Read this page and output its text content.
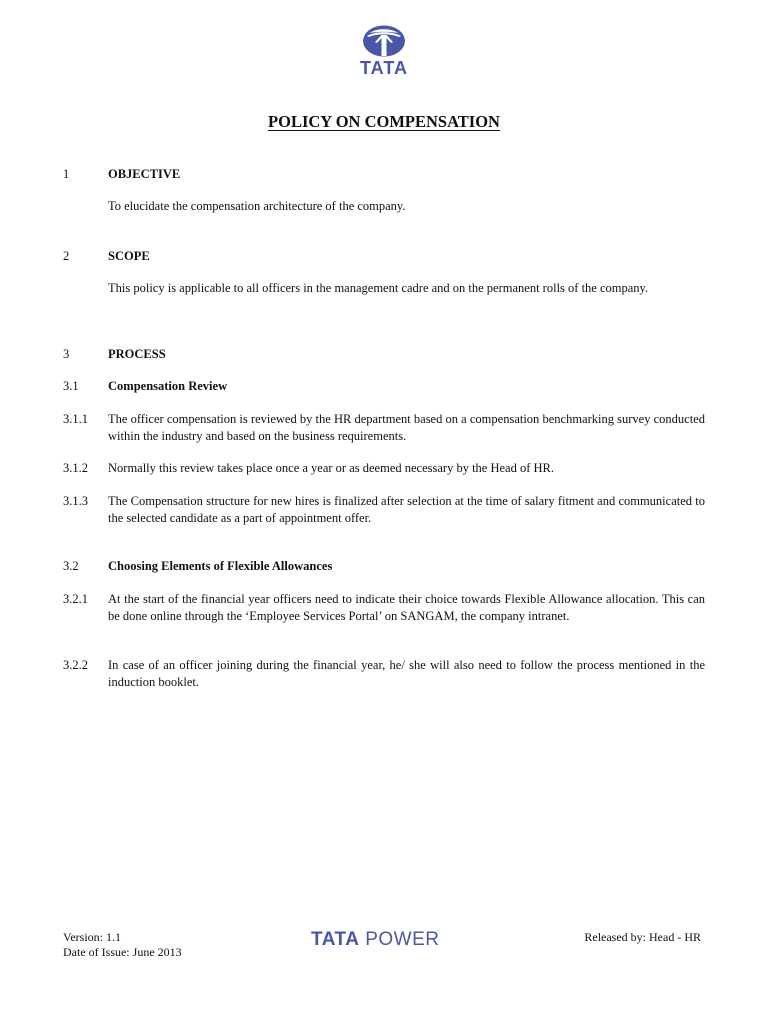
TATA
POLICY ON COMPENSATION
1	OBJECTIVE
To elucidate the compensation architecture of the company.
2	SCOPE
This policy is applicable to all officers in the management cadre and on the permanent rolls of the company.
3	PROCESS
3.1 Compensation Review
3.1.1 The officer compensation is reviewed by the HR department based on a compensation benchmarking survey conducted within the industry and based on the business requirements.
3.1.2 Normally this review takes place once a year or as deemed necessary by the Head of HR.
3.1.3 The Compensation structure for new hires is finalized after selection at the time of salary fitment and communicated to the selected candidate as a part of appointment offer.
3.2 Choosing Elements of Flexible Allowances
3.2.1 At the start of the financial year officers need to indicate their choice towards Flexible Allowance allocation. This can be done online through the ‘Employee Services Portal’ on SANGAM, the company intranet.
3.2.2 In case of an officer joining during the financial year, he/ she will also need to follow the process mentioned in the induction booklet.
Version: 1.1
Date of Issue: June 2013
TATA POWER	Released by: Head - HR
